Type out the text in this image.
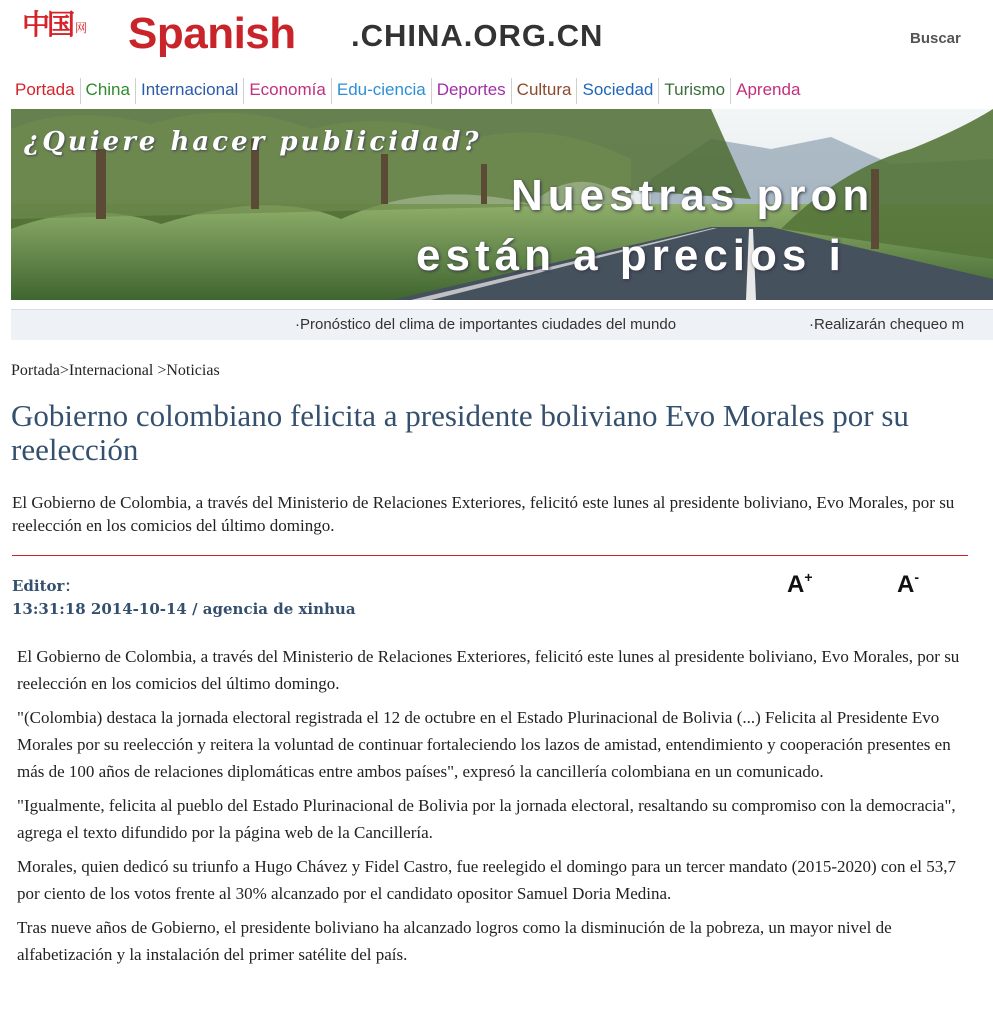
中国 网 Spanish .CHINA.ORG.CN	Buscar
Portada China Internacional Economía Edu-ciencia Deportes Cultura Sociedad Turismo Aprenda
¿Quiere hacer publicidad?
Nuestras pron
están a precios i
·Pronóstico del clima de importantes ciudades del mundo	·Realizarán chequeo m
Portada>Internacional >Noticias
Gobierno colombiano felicita a presidente boliviano Evo Morales por su reelección

El Gobierno de Colombia, a través del Ministerio de Relaciones Exteriores, felicitó este lunes al presidente boliviano, Evo Morales, por su reelección en los comicios del último domingo.

Editor：
13:31:18 2014-10-14 / agencia de xinhua
A+	A-

El Gobierno de Colombia, a través del Ministerio de Relaciones Exteriores, felicitó este lunes al presidente boliviano, Evo Morales, por su reelección en los comicios del último domingo.

"(Colombia) destaca la jornada electoral registrada el 12 de octubre en el Estado Plurinacional de Bolivia (...) Felicita al Presidente Evo Morales por su reelección y reitera la voluntad de continuar fortaleciendo los lazos de amistad, entendimiento y cooperación presentes en más de 100 años de relaciones diplomáticas entre ambos países", expresó la cancillería colombiana en un comunicado.

"Igualmente, felicita al pueblo del Estado Plurinacional de Bolivia por la jornada electoral, resaltando su compromiso con la democracia", agrega el texto difundido por la página web de la Cancillería.

Morales, quien dedicó su triunfo a Hugo Chávez y Fidel Castro, fue reelegido el domingo para un tercer mandato (2015-2020) con el 53,7 por ciento de los votos frente al 30% alcanzado por el candidato opositor Samuel Doria Medina.

Tras nueve años de Gobierno, el presidente boliviano ha alcanzado logros como la disminución de la pobreza, un mayor nivel de alfabetización y la instalación del primer satélite del país.
